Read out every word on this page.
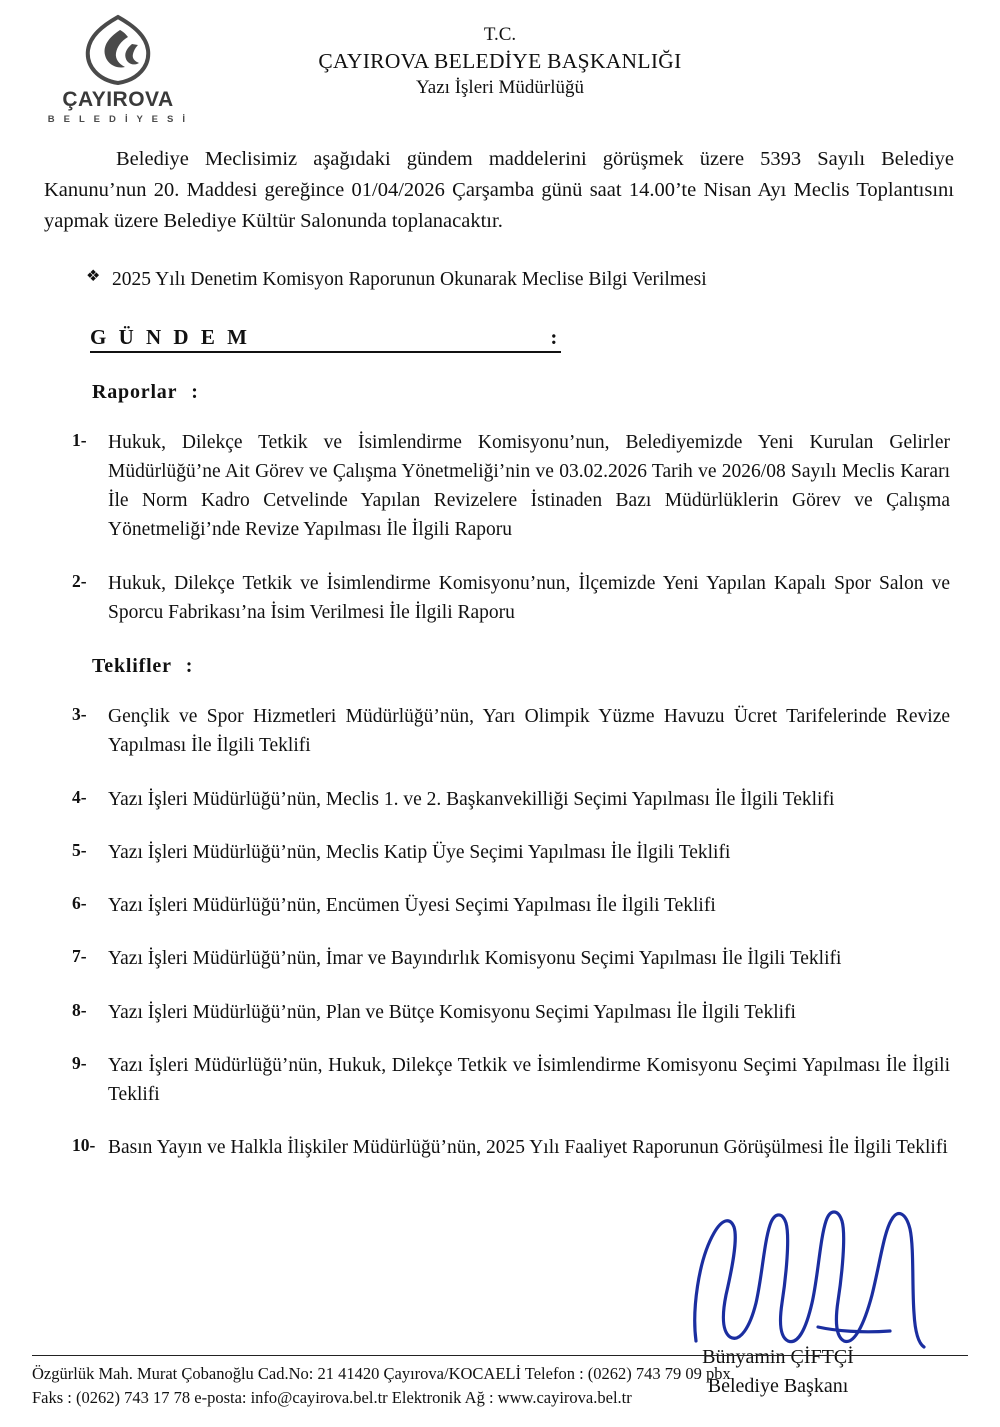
ÇAYIROVA
B E L E D İ Y E S İ
T.C.
ÇAYIROVA BELEDİYE BAŞKANLIĞI
Yazı İşleri Müdürlüğü

Belediye Meclisimiz aşağıdaki gündem maddelerini görüşmek üzere 5393 Sayılı Belediye Kanunu’nun 20. Maddesi gereğince 01/04/2026 Çarşamba günü saat 14.00’te Nisan Ayı Meclis Toplantısını yapmak üzere Belediye Kültür Salonunda toplanacaktır.

❖ 2025 Yılı Denetim Komisyon Raporunun Okunarak Meclise Bilgi Verilmesi
G Ü N D E M	:
Raporlar :
1-	Hukuk, Dilekçe Tetkik ve İsimlendirme Komisyonu’nun, Belediyemizde Yeni Kurulan Gelirler Müdürlüğü’ne Ait Görev ve Çalışma Yönetmeliği’nin ve 03.02.2026 Tarih ve 2026/08 Sayılı Meclis Kararı İle Norm Kadro Cetvelinde Yapılan Revizelere İstinaden Bazı Müdürlüklerin Görev ve Çalışma Yönetmeliği’nde Revize Yapılması İle İlgili Raporu
2-	Hukuk, Dilekçe Tetkik ve İsimlendirme Komisyonu’nun, İlçemizde Yeni Yapılan Kapalı Spor Salon ve Sporcu Fabrikası’na İsim Verilmesi İle İlgili Raporu
Teklifler :
3-	Gençlik ve Spor Hizmetleri Müdürlüğü’nün, Yarı Olimpik Yüzme Havuzu Ücret Tarifelerinde Revize Yapılması İle İlgili Teklifi
4-	Yazı İşleri Müdürlüğü’nün, Meclis 1. ve 2. Başkanvekilliği Seçimi Yapılması İle İlgili Teklifi
5-	Yazı İşleri Müdürlüğü’nün, Meclis Katip Üye Seçimi Yapılması İle İlgili Teklifi
6-	Yazı İşleri Müdürlüğü’nün, Encümen Üyesi Seçimi Yapılması İle İlgili Teklifi
7-	Yazı İşleri Müdürlüğü’nün, İmar ve Bayındırlık Komisyonu Seçimi Yapılması İle İlgili Teklifi
8-	Yazı İşleri Müdürlüğü’nün, Plan ve Bütçe Komisyonu Seçimi Yapılması İle İlgili Teklifi
9-	Yazı İşleri Müdürlüğü’nün, Hukuk, Dilekçe Tetkik ve İsimlendirme Komisyonu Seçimi Yapılması İle İlgili Teklifi
10- Basın Yayın ve Halkla İlişkiler Müdürlüğü’nün, 2025 Yılı Faaliyet Raporunun Görüşülmesi İle İlgili Teklifi
Bünyamin ÇİFTÇİ
Belediye Başkanı
Özgürlük Mah. Murat Çobanoğlu Cad.No: 21 41420 Çayırova/KOCAELİ Telefon : (0262) 743 79 09 pbx
Faks : (0262) 743 17 78 e-posta: info@cayirova.bel.tr Elektronik Ağ : www.cayirova.bel.tr
